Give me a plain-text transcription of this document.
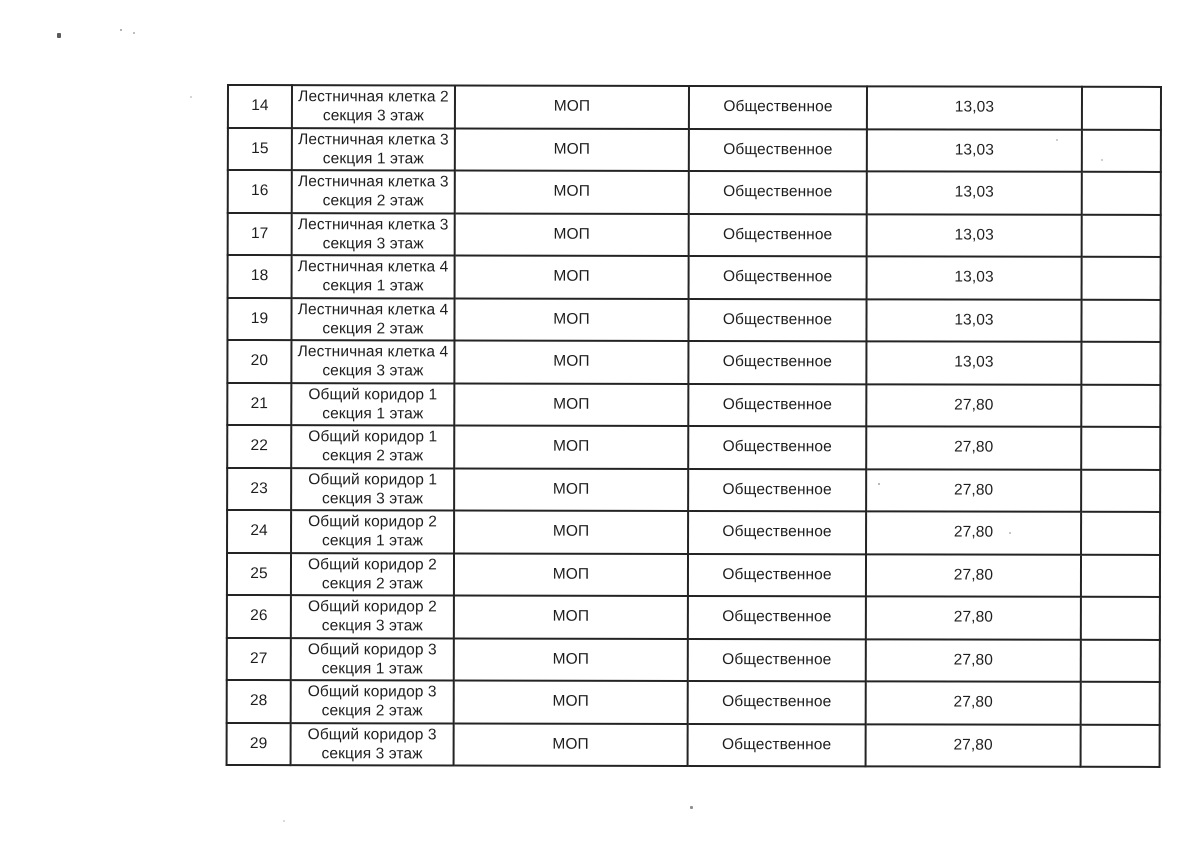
14	Лестничная клетка 2
секция 3 этаж	МОП	Общественное	13,03	
15	Лестничная клетка 3
секция 1 этаж	МОП	Общественное	13,03	
16	Лестничная клетка 3
секция 2 этаж	МОП	Общественное	13,03	
17	Лестничная клетка 3
секция 3 этаж	МОП	Общественное	13,03	
18	Лестничная клетка 4
секция 1 этаж	МОП	Общественное	13,03	
19	Лестничная клетка 4
секция 2 этаж	МОП	Общественное	13,03	
20	Лестничная клетка 4
секция 3 этаж	МОП	Общественное	13,03	
21	Общий коридор 1
секция 1 этаж	МОП	Общественное	27,80	
22	Общий коридор 1
секция 2 этаж	МОП	Общественное	27,80	
23	Общий коридор 1
секция 3 этаж	МОП	Общественное	27,80	
24	Общий коридор 2
секция 1 этаж	МОП	Общественное	27,80	
25	Общий коридор 2
секция 2 этаж	МОП	Общественное	27,80	
26	Общий коридор 2
секция 3 этаж	МОП	Общественное	27,80	
27	Общий коридор 3
секция 1 этаж	МОП	Общественное	27,80	
28	Общий коридор 3
секция 2 этаж	МОП	Общественное	27,80	
29	Общий коридор 3
секция 3 этаж	МОП	Общественное	27,80	
